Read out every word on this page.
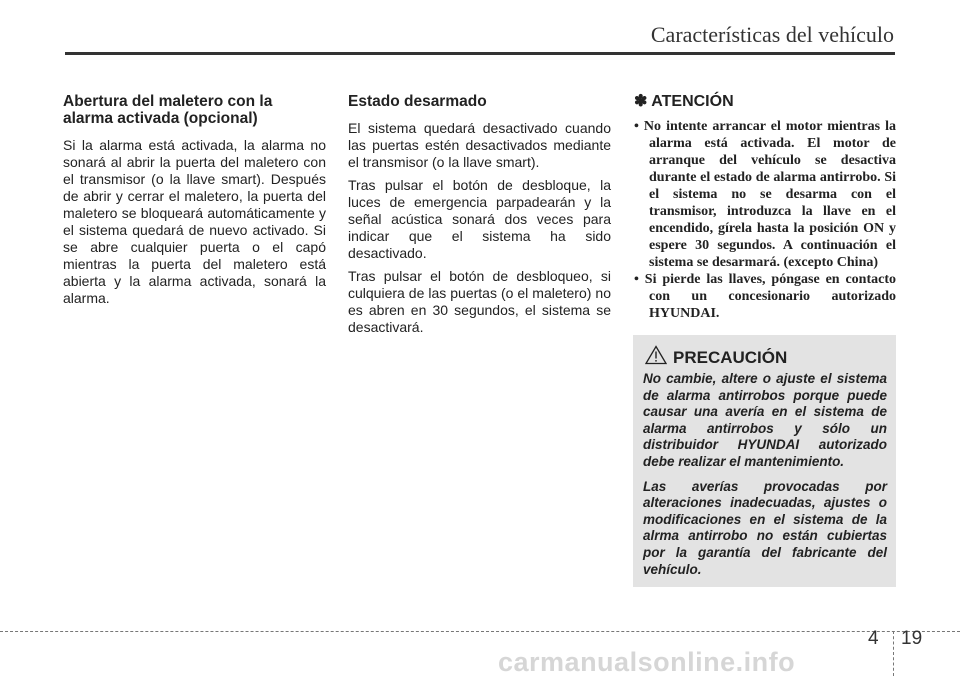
Características del vehículo
Abertura del maletero con la alarma activada (opcional)

Si la alarma está activada, la alarma no sonará al abrir la puerta del maletero con el transmisor (o la llave smart). Después de abrir y cerrar el maletero, la puerta del maletero se bloqueará automáticamente y el sistema quedará de nuevo activado. Si se abre cualquier puerta o el capó mientras la puerta del maletero está abierta y la alarma activada, sonará la alarma.

Estado desarmado

El sistema quedará desactivado cuando las puertas estén desactivados mediante el transmisor (o la llave smart).

Tras pulsar el botón de desbloque, la luces de emergencia parpadearán y la señal acústica sonará dos veces para indicar que el sistema ha sido desactivado.

Tras pulsar el botón de desbloqueo, si culquiera de las puertas (o el maletero) no es abren en 30 segundos, el sistema se desactivará.

✽ ATENCIÓN

• No intente arrancar el motor mientras la alarma está activada. El motor de arranque del vehículo se desactiva durante el estado de alarma antirrobo. Si el sistema no se desarma con el transmisor, introduzca la llave en el encendido, gírela hasta la posición ON y espere 30 segundos. A continuación el sistema se desarmará. (excepto China)

• Si pierde las llaves, póngase en contacto con un concesionario autorizado HYUNDAI.

PRECAUCIÓN

No cambie, altere o ajuste el sistema de alarma antirrobos porque puede causar una avería en el sistema de alarma antirrobos y sólo un distribuidor HYUNDAI autorizado debe realizar el mantenimiento.

Las averías provocadas por alteraciones inadecuadas, ajustes o modificaciones en el sistema de la alrma antirrobo no están cubiertas por la garantía del fabricante del vehículo.

4 19
carmanualsonline.info
